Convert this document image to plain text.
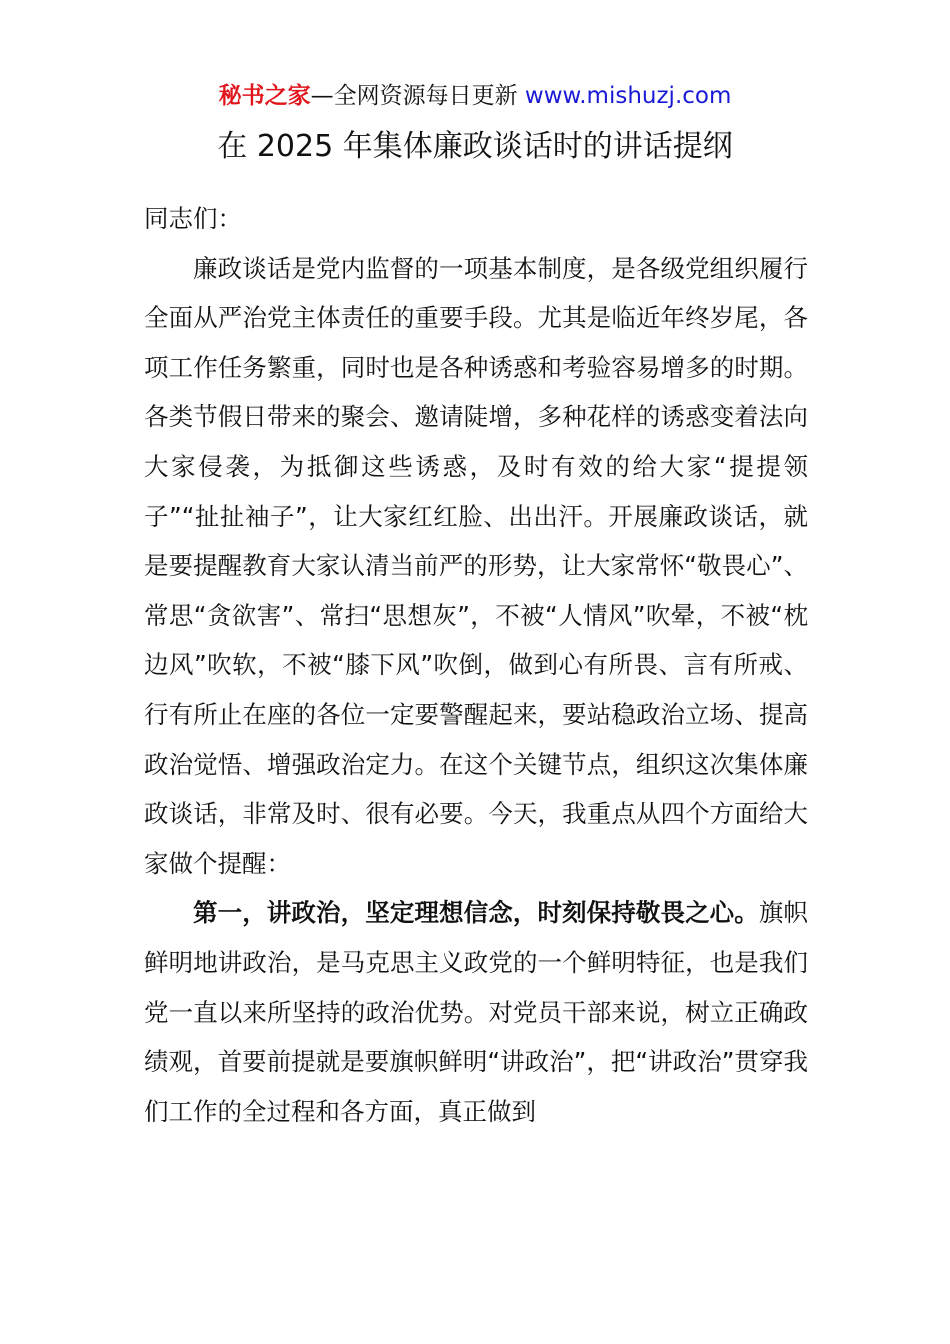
秘书之家—全网资源每日更新 www.mishuzj.com
在 2025 年集体廉政谈话时的讲话提纲

同志们：

廉政谈话是党内监督的一项基本制度，是各级党组织履行全面从严治党主体责任的重要手段。尤其是临近年终岁尾，各项工作任务繁重，同时也是各种诱惑和考验容易增多的时期。各类节假日带来的聚会、邀请陡增，多种花样的诱惑变着法向大家侵袭，为抵御这些诱惑，及时有效的给大家“提提领子”“扯扯袖子”，让大家红红脸、出出汗。开展廉政谈话，就是要提醒教育大家认清当前严的形势，让大家常怀“敬畏心”、常思“贪欲害”、常扫“思想灰”，不被“人情风”吹晕，不被“枕边风”吹软，不被“膝下风”吹倒，做到心有所畏、言有所戒、行有所止在座的各位一定要警醒起来，要站稳政治立场、提高政治觉悟、增强政治定力。在这个关键节点，组织这次集体廉政谈话，非常及时、很有必要。今天，我重点从四个方面给大家做个提醒：

第一，讲政治，坚定理想信念，时刻保持敬畏之心。旗帜鲜明地讲政治，是马克思主义政党的一个鲜明特征，也是我们党一直以来所坚持的政治优势。对党员干部来说，树立正确政绩观，首要前提就是要旗帜鲜明“讲政治”，把“讲政治”贯穿我们工作的全过程和各方面，真正做到
